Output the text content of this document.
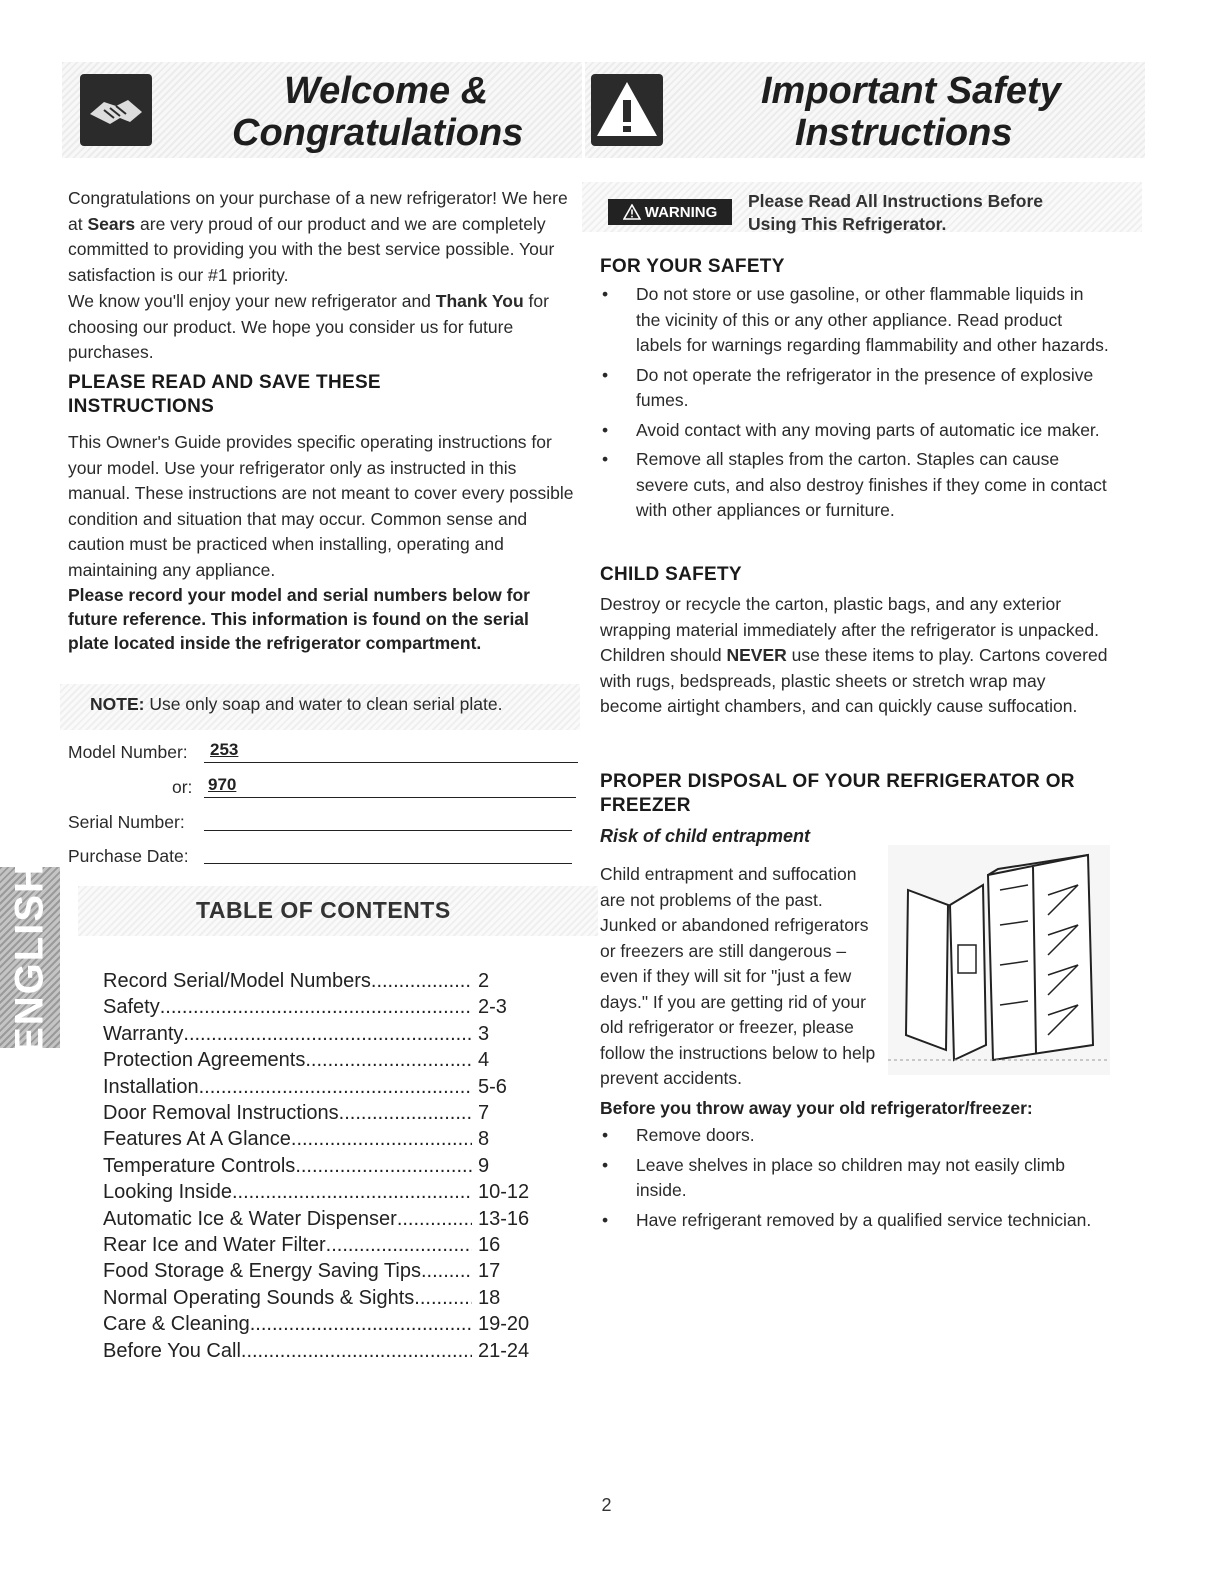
Welcome &
Congratulations
Important Safety
Instructions
Congratulations on your purchase of a new refrigerator! We here at Sears are very proud of our product and we are completely committed to providing you with the best service possible. Your satisfaction is our #1 priority.
We know you'll enjoy your new refrigerator and Thank You for choosing our product. We hope you consider us for future purchases.
PLEASE READ AND SAVE THESE INSTRUCTIONS
This Owner's Guide provides specific operating instructions for your model. Use your refrigerator only as instructed in this manual. These instructions are not meant to cover every possible condition and situation that may occur. Common sense and caution must be practiced when installing, operating and maintaining any appliance.
Please record your model and serial numbers below for future reference. This information is found on the serial plate located inside the refrigerator compartment.
NOTE: Use only soap and water to clean serial plate.
Model Number:	253
or: 970
Serial Number:
Purchase Date:
ENGLISH	TABLE OF CONTENTS
Record Serial/Model Numbers .....	2
Safety .....	2-3
Warranty .....	3
Protection Agreements .....	4
Installation .....	5-6
Door Removal Instructions .....	7
Features At A Glance .....	8
Temperature Controls .....	9
Looking Inside .....	10-12
Automatic Ice & Water Dispenser .....	13-16
Rear Ice and Water Filter .....	16
Food Storage & Energy Saving Tips .....	17
Normal Operating Sounds & Sights .....	18
Care & Cleaning .....	19-20
Before You Call .....	21-24
WARNING
Please Read All Instructions Before
Using This Refrigerator.
FOR YOUR SAFETY
• Do not store or use gasoline, or other flammable liquids in the vicinity of this or any other appliance. Read product labels for warnings regarding flammability and other hazards.
• Do not operate the refrigerator in the presence of explosive fumes.
• Avoid contact with any moving parts of automatic ice maker.
• Remove all staples from the carton. Staples can cause severe cuts, and also destroy finishes if they come in contact with other appliances or furniture.
CHILD SAFETY
Destroy or recycle the carton, plastic bags, and any exterior wrapping material immediately after the refrigerator is unpacked. Children should NEVER use these items to play. Cartons covered with rugs, bedspreads, plastic sheets or stretch wrap may become airtight chambers, and can quickly cause suffocation.
PROPER DISPOSAL OF YOUR REFRIGERATOR OR FREEZER
Risk of child entrapment
Child entrapment and suffocation are not problems of the past. Junked or abandoned refrigerators or freezers are still dangerous – even if they will sit for "just a few days." If you are getting rid of your old refrigerator or freezer, please follow the instructions below to help prevent accidents.
Before you throw away your old refrigerator/freezer:
• Remove doors.
• Leave shelves in place so children may not easily climb inside.
• Have refrigerant removed by a qualified service technician.
2
